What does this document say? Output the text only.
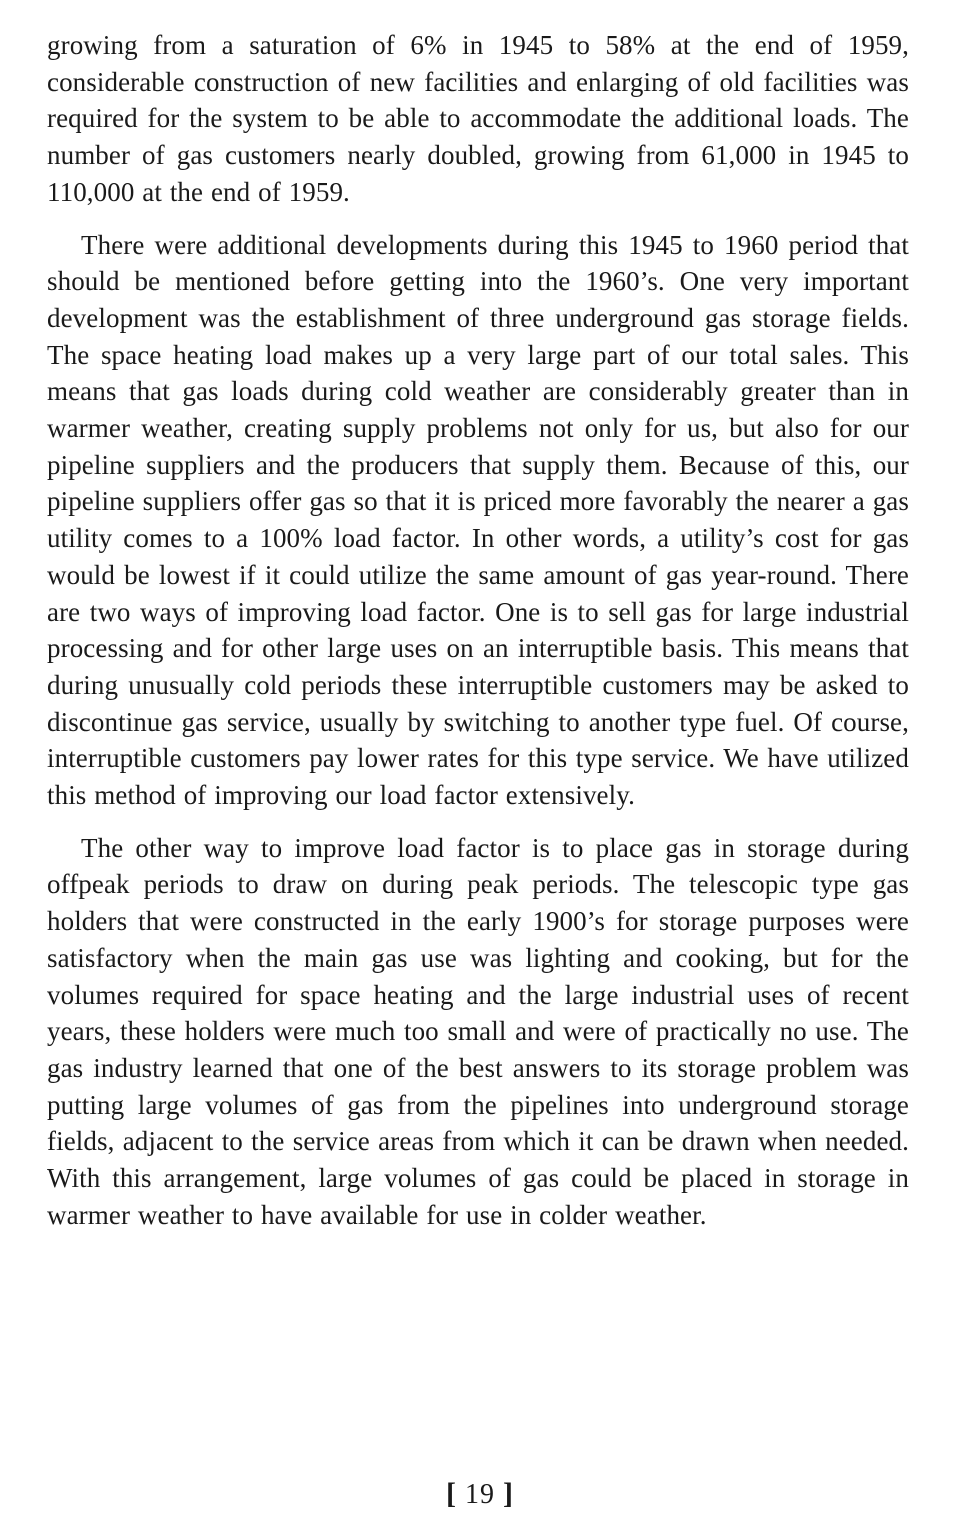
growing from a saturation of 6% in 1945 to 58% at the end of 1959, considerable construction of new facilities and enlarging of old facilities was required for the system to be able to accommodate the additional loads. The number of gas customers nearly doubled, growing from 61,000 in 1945 to 110,000 at the end of 1959.

There were additional developments during this 1945 to 1960 period that should be mentioned before getting into the 1960’s. One very important development was the establishment of three underground gas storage fields. The space heating load makes up a very large part of our total sales. This means that gas loads during cold weather are considerably greater than in warmer weather, creating supply problems not only for us, but also for our pipeline suppliers and the producers that supply them. Because of this, our pipeline suppliers offer gas so that it is priced more favorably the nearer a gas utility comes to a 100% load factor. In other words, a utility’s cost for gas would be lowest if it could utilize the same amount of gas year-round. There are two ways of improving load factor. One is to sell gas for large industrial processing and for other large uses on an interruptible basis. This means that during unusually cold periods these interruptible customers may be asked to discontinue gas service, usually by switching to another type fuel. Of course, interruptible customers pay lower rates for this type service. We have utilized this method of improving our load factor extensively.

The other way to improve load factor is to place gas in storage during offpeak periods to draw on during peak periods. The telescopic type gas holders that were constructed in the early 1900’s for storage purposes were satisfactory when the main gas use was lighting and cooking, but for the volumes required for space heating and the large industrial uses of recent years, these holders were much too small and were of practically no use. The gas industry learned that one of the best answers to its storage problem was putting large volumes of gas from the pipelines into underground storage fields, adjacent to the service areas from which it can be drawn when needed. With this arrangement, large volumes of gas could be placed in storage in warmer weather to have available for use in colder weather.

[ 19 ]
